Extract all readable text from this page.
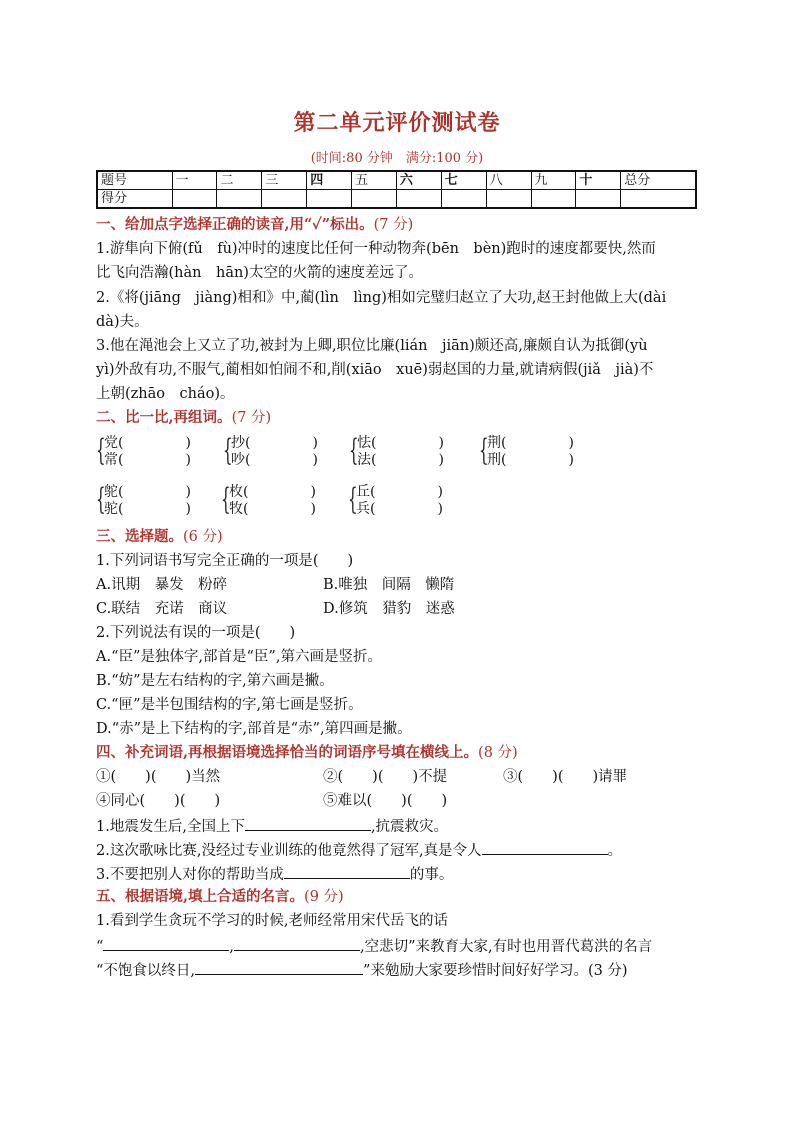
第二单元评价测试卷
(时间:80 分钟　满分:100 分)
题号	一	二	三	四	五	六	七	八	九	十	总分
得分											
一、给加点字选择正确的读音,用“✓”标出。(7 分)
1.游隼向下俯(fǔ　fù)冲时的速度比任何一种动物奔(bēn　bèn)跑时的速度都要快,然而
比飞向浩瀚(hàn　hān)太空的火箭的速度差远了。
2.《将(jiāng　jiàng)相和》中,蔺(lìn　lìng)相如完璧归赵立了大功,赵王封他做上大(dài
dà)夫。
3.他在渑池会上又立了功,被封为上卿,职位比廉(lián　jiān)颇还高,廉颇自认为抵御(yù
yì)外敌有功,不服气,蔺相如怕闹不和,削(xiāo　xuē)弱赵国的力量,就请病假(jiǎ　jià)不
上朝(zhāo　cháo)。
二、比一比,再组词。(7 分)
{
党(	)
常(	) {
抄(	)
吵(	) {
怯(	)
法(	) {
荆(	)
刑(	)
{
鸵(	)
驼(	) {
枚(	)
牧(	) {
丘(	)
兵(	)
三、选择题。(6 分)
1.下列词语书写完全正确的一项是(　　)
A.讯期　暴发　粉碎	B.唯独　间隔　懒隋
C.联结　充诺　商议	D.修筑　猎豹　迷惑
2.下列说法有误的一项是(　　)
A.“臣”是独体字,部首是“臣”,第六画是竖折。
B.“妨”是左右结构的字,第六画是撇。
C.“匣”是半包围结构的字,第七画是竖折。
D.“赤”是上下结构的字,部首是“赤”,第四画是撇。
四、补充词语,再根据语境选择恰当的词语序号填在横线上。(8 分)
①(　　)(　　)当然	②(　　)(　　)不提	③(　　)(　　)请罪
④同心(　　)(　　)	⑤难以(　　)(　　)
1.地震发生后,全国上下	,抗震救灾。
2.这次歌咏比赛,没经过专业训练的他竟然得了冠军,真是令人	。
3.不要把别人对你的帮助当成	的事。
五、根据语境,填上合适的名言。(9 分)
1.看到学生贪玩不学习的时候,老师经常用宋代岳飞的话
“	,	,空悲切”来教育大家,有时也用晋代葛洪的名言
“不饱食以终日,	”来勉励大家要珍惜时间好好学习。(3 分)
